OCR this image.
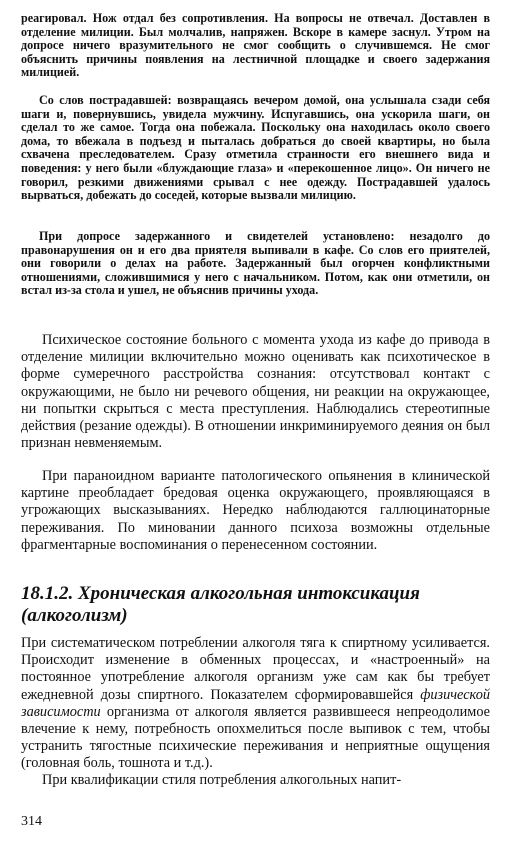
реагировал. Нож отдал без сопротивления. На вопросы не отвечал. Доставлен в отделение милиции. Был молчалив, напряжен. Вскоре в камере заснул. Утром на допросе ничего вразумительного не смог сообщить о случившемся. Не смог объяснить причины появления на лестничной площадке и своего задержания милицией.

Со слов пострадавшей: возвращаясь вечером домой, она услышала сзади себя шаги и, повернувшись, увидела мужчину. Испугавшись, она ускорила шаги, он сделал то же самое. Тогда она побежала. Поскольку она находилась около своего дома, то вбежала в подъезд и пыталась добраться до своей квартиры, но была схвачена преследователем. Сразу отметила странности его внешнего вида и поведения: у него были «блуждающие глаза» и «перекошенное лицо». Он ничего не говорил, резкими движениями срывал с нее одежду. Пострадавшей удалось вырваться, добежать до соседей, которые вызвали милицию.

При допросе задержанного и свидетелей установлено: незадолго до правонарушения он и его два приятеля выпивали в кафе. Со слов его приятелей, они говорили о делах на работе. Задержанный был огорчен конфликтными отношениями, сложившимися у него с начальником. Потом, как они отметили, он встал из-за стола и ушел, не объяснив причины ухода.

Психическое состояние больного с момента ухода из кафе до привода в отделение милиции включительно можно оценивать как психотическое в форме сумеречного расстройства сознания: отсутствовал контакт с окружающими, не было ни речевого общения, ни реакции на окружающее, ни попытки скрыться с места преступления. Наблюдались стереотипные действия (резание одежды). В отношении инкриминируемого деяния он был признан невменяемым.

При параноидном варианте патологического опьянения в клинической картине преобладает бредовая оценка окружающего, проявляющаяся в угрожающих высказываниях. Нередко наблюдаются галлюцинаторные переживания. По миновании данного психоза возможны отдельные фрагментарные воспоминания о перенесенном состоянии.

18.1.2. Хроническая алкогольная интоксикация
(алкоголизм)

При систематическом потреблении алкоголя тяга к спиртному усиливается. Происходит изменение в обменных процессах, и «настроенный» на постоянное употребление алкоголя организм уже сам как бы требует ежедневной дозы спиртного. Показателем сформировавшейся физической зависимости организма от алкоголя является развившееся непреодолимое влечение к нему, потребность опохмелиться после выпивок с тем, чтобы устранить тягостные психические переживания и неприятные ощущения (головная боль, тошнота и т.д.).

При квалификации стиля потребления алкогольных напит-

314
